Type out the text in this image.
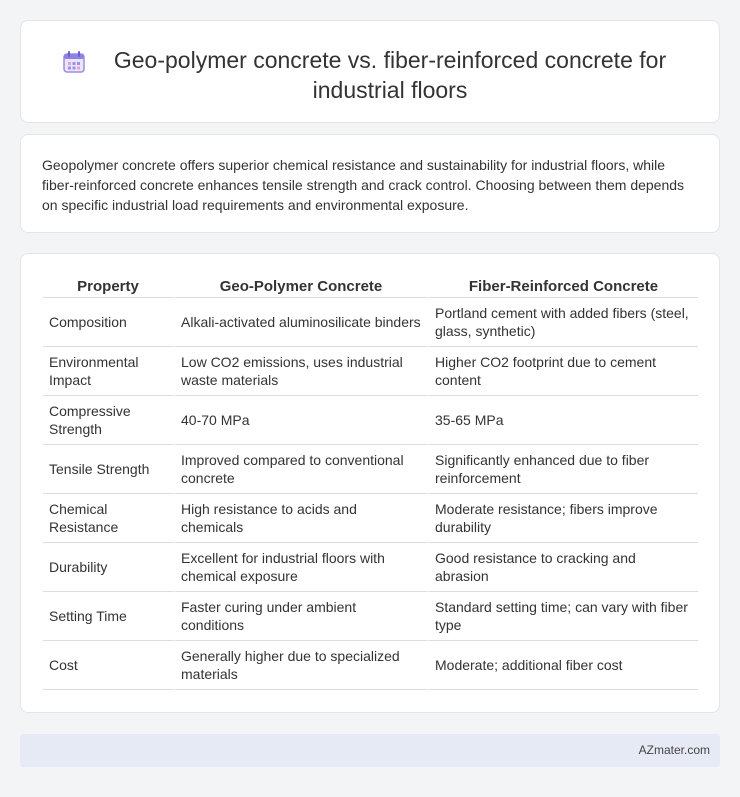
Geo-polymer concrete vs. fiber-reinforced concrete for industrial floors

Geopolymer concrete offers superior chemical resistance and sustainability for industrial floors, while fiber-reinforced concrete enhances tensile strength and crack control. Choosing between them depends on specific industrial load requirements and environmental exposure.

Property	Geo-Polymer Concrete	Fiber-Reinforced Concrete
Composition	Alkali-activated aluminosilicate binders	Portland cement with added fibers (steel, glass, synthetic)
Environmental Impact	Low CO2 emissions, uses industrial waste materials	Higher CO2 footprint due to cement content
Compressive Strength	40-70 MPa	35-65 MPa
Tensile Strength	Improved compared to conventional concrete	Significantly enhanced due to fiber reinforcement
Chemical Resistance	High resistance to acids and chemicals	Moderate resistance; fibers improve durability
Durability	Excellent for industrial floors with chemical exposure	Good resistance to cracking and abrasion
Setting Time	Faster curing under ambient conditions	Standard setting time; can vary with fiber type
Cost	Generally higher due to specialized materials	Moderate; additional fiber cost
AZmater.com
